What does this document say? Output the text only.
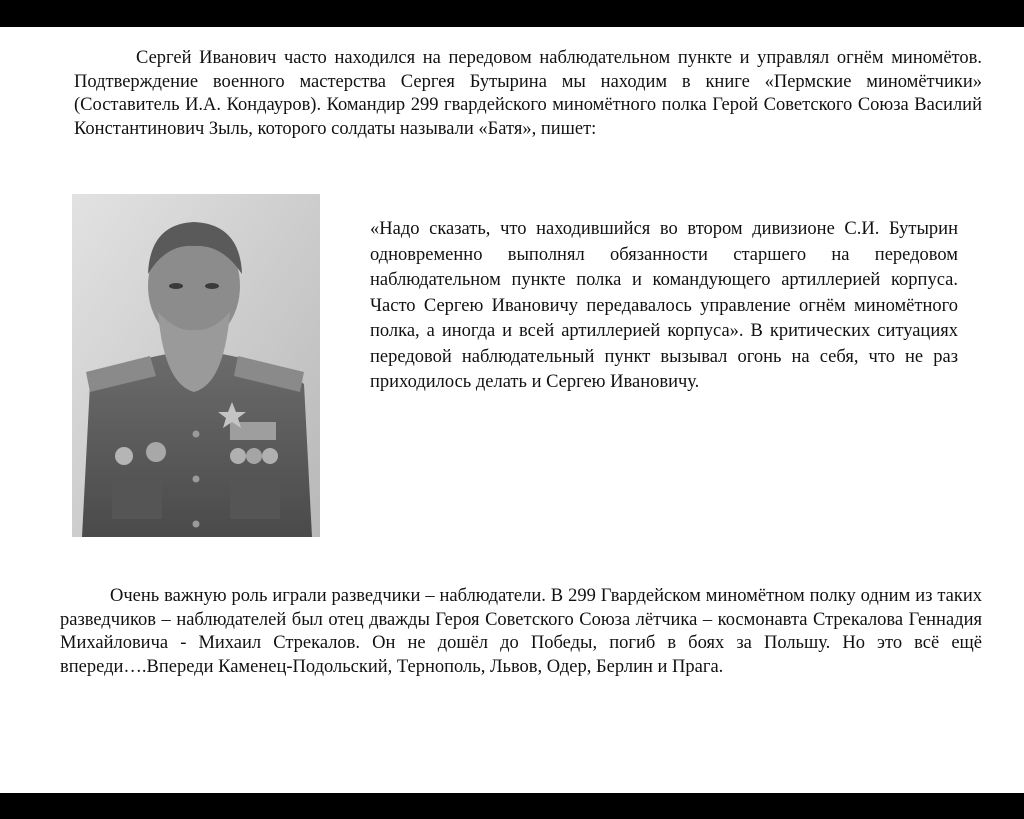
Сергей Иванович часто находился на передовом наблюдательном пункте и управлял огнём миномётов. Подтверждение военного мастерства Сергея Бутырина мы находим в книге «Пермские миномётчики» (Составитель И.А. Кондауров). Командир 299 гвардейского миномётного полка Герой Советского Союза Василий Константинович Зыль, которого солдаты называли «Батя», пишет:

«Надо сказать, что находившийся во втором дивизионе С.И. Бутырин одновременно выполнял обязанности старшего на передовом наблюдательном пункте полка и командующего артиллерией корпуса. Часто Сергею Ивановичу передавалось управление огнём миномётного полка, а иногда и всей артиллерией корпуса». В критических ситуациях передовой наблюдательный пункт вызывал огонь на себя, что не раз приходилось делать и Сергею Ивановичу.

Очень важную роль играли разведчики – наблюдатели. В 299 Гвардейском миномётном полку одним из таких разведчиков – наблюдателей был отец дважды Героя Советского Союза лётчика – космонавта Стрекалова Геннадия Михайловича - Михаил Стрекалов. Он не дошёл до Победы, погиб в боях за Польшу. Но это всё ещё впереди….Впереди Каменец-Подольский, Тернополь, Львов, Одер, Берлин и Прага.
